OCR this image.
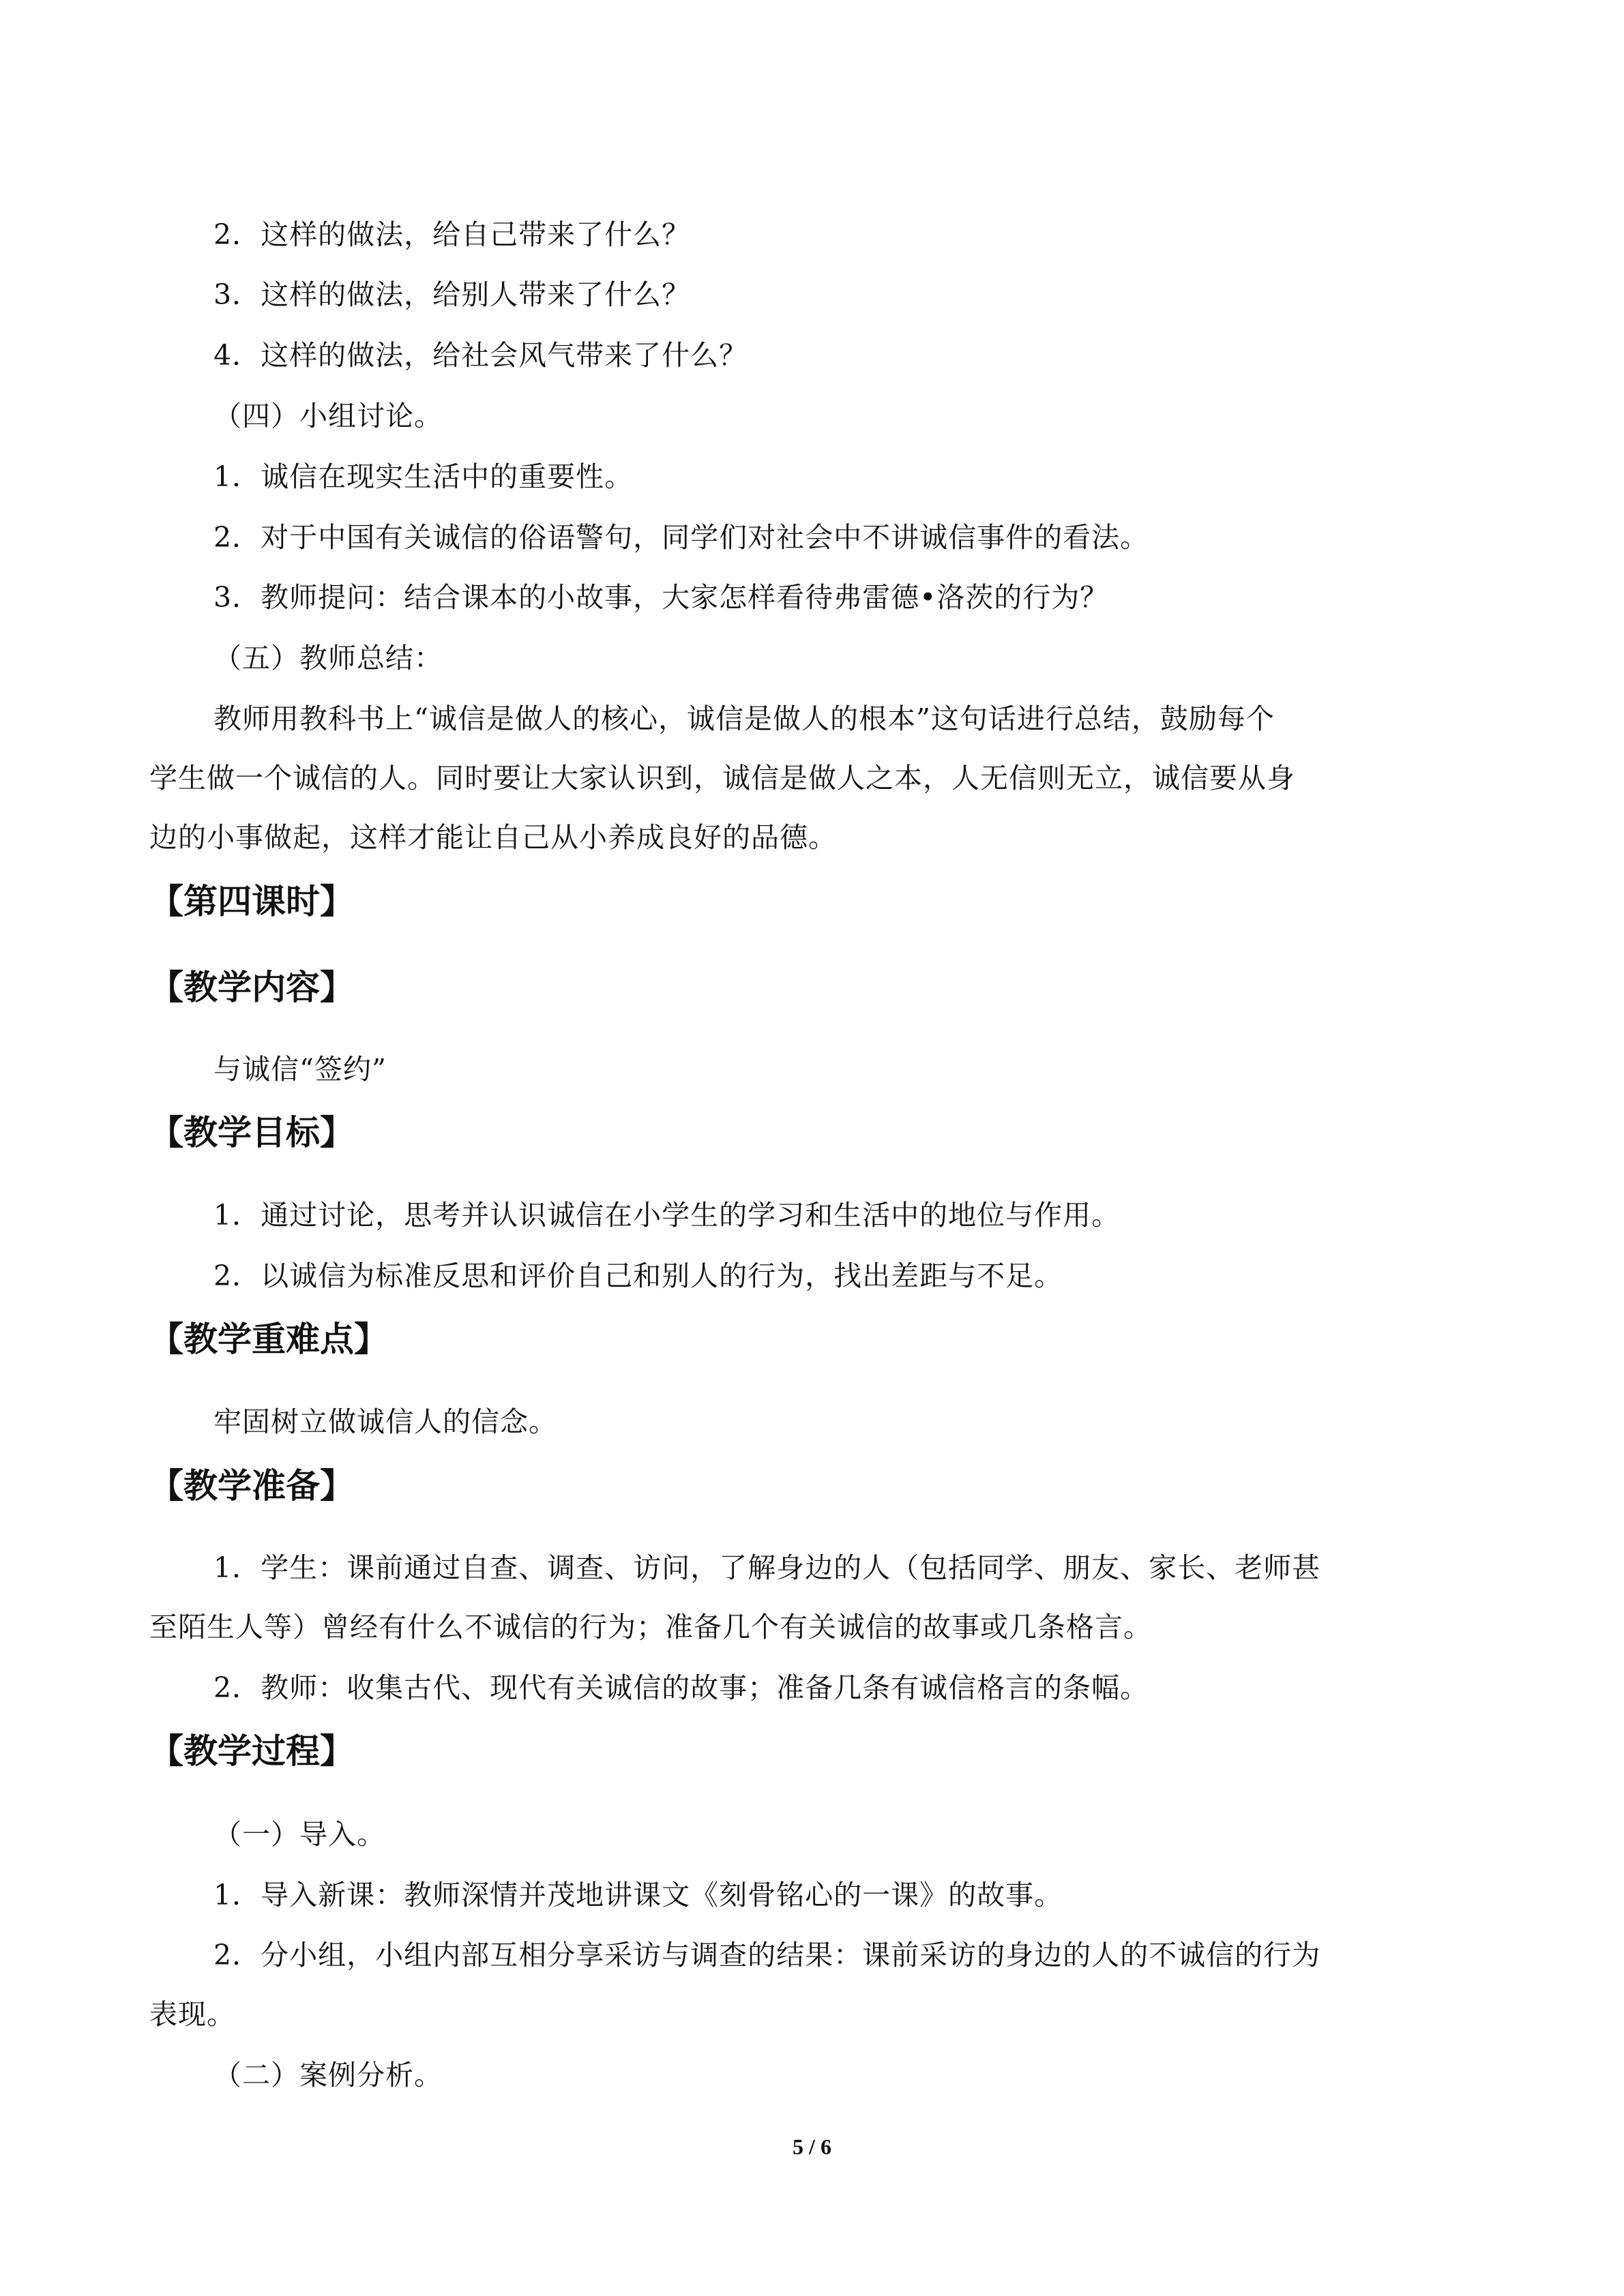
2．这样的做法，给自己带来了什么？
3．这样的做法，给别人带来了什么？
4．这样的做法，给社会风气带来了什么？
（四）小组讨论。
1．诚信在现实生活中的重要性。
2．对于中国有关诚信的俗语警句，同学们对社会中不讲诚信事件的看法。
3．教师提问：结合课本的小故事，大家怎样看待弗雷德•洛茨的行为？
（五）教师总结：
教师用教科书上“诚信是做人的核心，诚信是做人的根本”这句话进行总结，鼓励每个
学生做一个诚信的人。同时要让大家认识到，诚信是做人之本，人无信则无立，诚信要从身
边的小事做起，这样才能让自己从小养成良好的品德。
【第四课时】
【教学内容】
与诚信“签约”
【教学目标】
1．通过讨论，思考并认识诚信在小学生的学习和生活中的地位与作用。
2．以诚信为标准反思和评价自己和别人的行为，找出差距与不足。
【教学重难点】
牢固树立做诚信人的信念。
【教学准备】
1．学生：课前通过自查、调查、访问，了解身边的人（包括同学、朋友、家长、老师甚
至陌生人等）曾经有什么不诚信的行为；准备几个有关诚信的故事或几条格言。
2．教师：收集古代、现代有关诚信的故事；准备几条有诚信格言的条幅。
【教学过程】
（一）导入。
1．导入新课：教师深情并茂地讲课文《刻骨铭心的一课》的故事。
2．分小组，小组内部互相分享采访与调查的结果：课前采访的身边的人的不诚信的行为
表现。
（二）案例分析。
5 / 6
